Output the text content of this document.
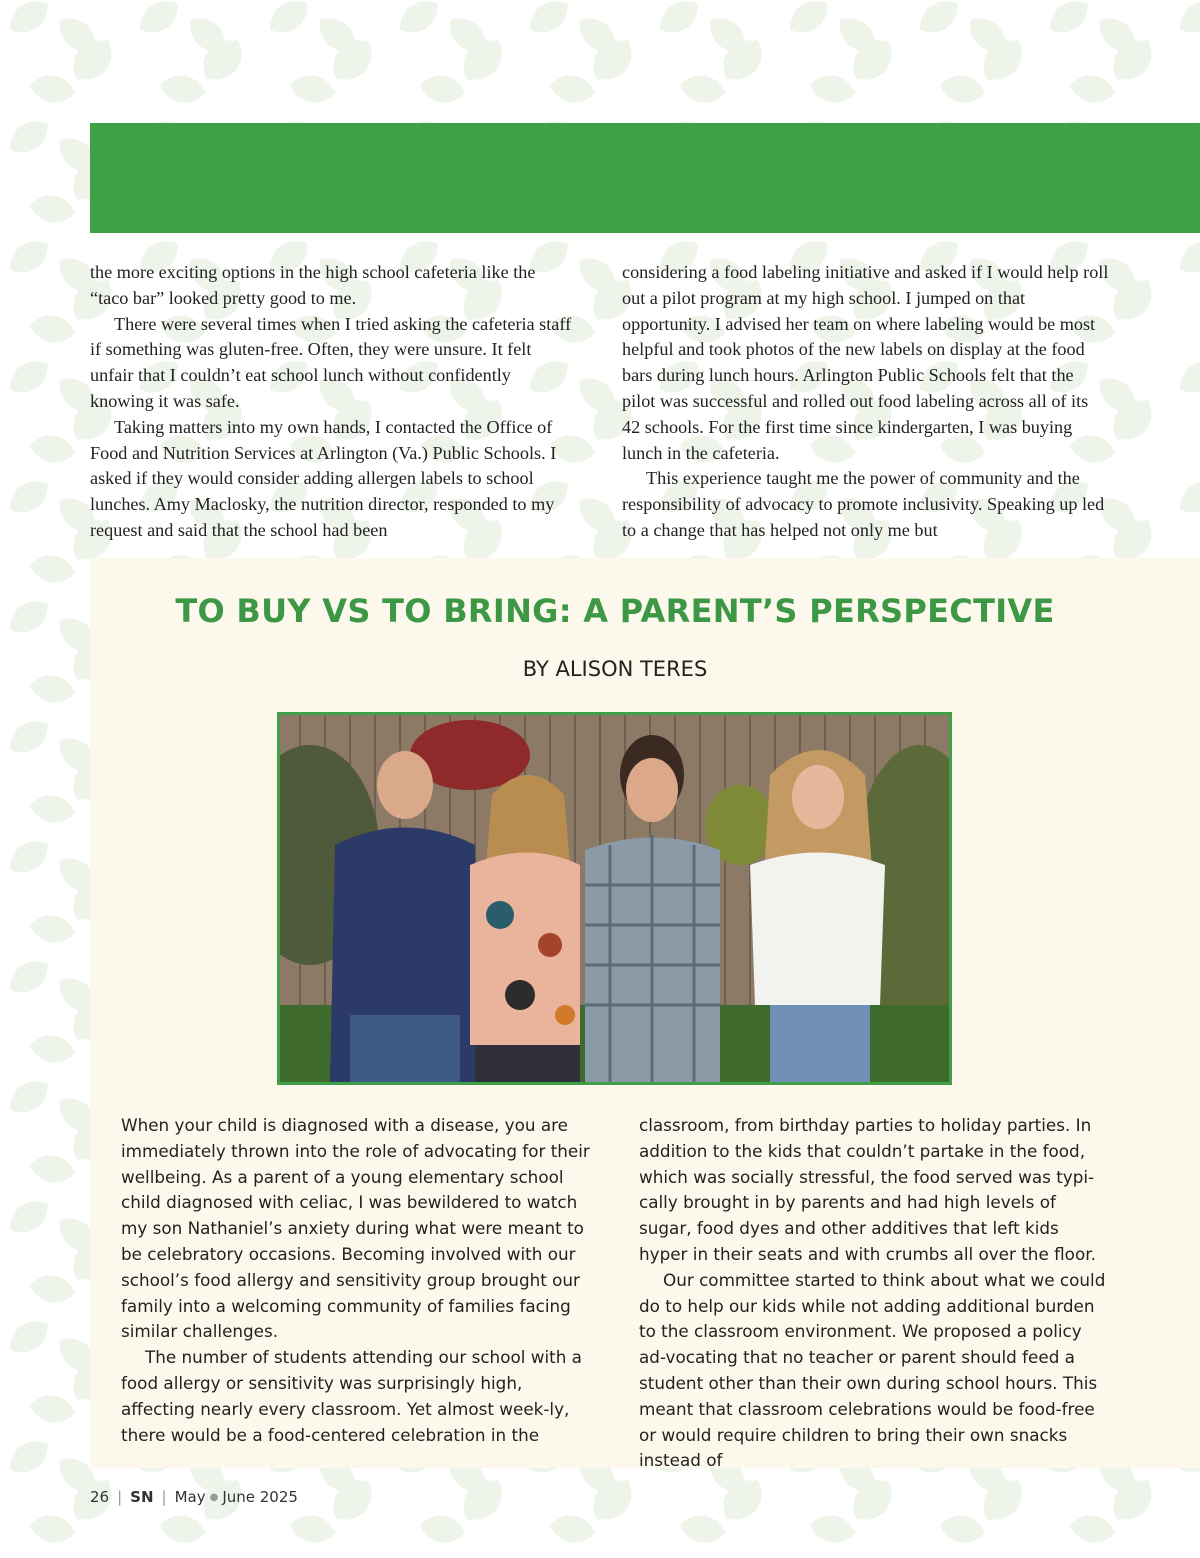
the more exciting options in the high school cafeteria like the “taco bar” looked pretty good to me.

There were several times when I tried asking the cafeteria staff if something was gluten-free. Often, they were unsure. It felt unfair that I couldn’t eat school lunch without confidently knowing it was safe.

Taking matters into my own hands, I contacted the Office of Food and Nutrition Services at Arlington (Va.) Public Schools. I asked if they would consider adding allergen labels to school lunches. Amy Maclosky, the nutrition director, responded to my request and said that the school had been

considering a food labeling initiative and asked if I would help roll out a pilot program at my high school. I jumped on that opportunity. I advised her team on where labeling would be most helpful and took photos of the new labels on display at the food bars during lunch hours. Arlington Public Schools felt that the pilot was successful and rolled out food labeling across all of its 42 schools. For the first time since kindergarten, I was buying lunch in the cafeteria.

This experience taught me the power of community and the responsibility of advocacy to promote inclusivity. Speaking up led to a change that has helped not only me but

TO BUY VS TO BRING: A PARENT’S PERSPECTIVE
BY ALISON TERES

When your child is diagnosed with a disease, you are immediately thrown into the role of advocating for their wellbeing. As a parent of a young elementary school child diagnosed with celiac, I was bewildered to watch my son Nathaniel’s anxiety during what were meant to be celebratory occasions. Becoming involved with our school’s food allergy and sensitivity group brought our family into a welcoming community of families facing similar challenges.

The number of students attending our school with a food allergy or sensitivity was surprisingly high, affecting nearly every classroom. Yet almost week-ly, there would be a food-centered celebration in the

classroom, from birthday parties to holiday parties. In addition to the kids that couldn’t partake in the food, which was socially stressful, the food served was typi-cally brought in by parents and had high levels of sugar, food dyes and other additives that left kids hyper in their seats and with crumbs all over the floor.

Our committee started to think about what we could do to help our kids while not adding additional burden to the classroom environment. We proposed a policy ad-vocating that no teacher or parent should feed a student other than their own during school hours. This meant that classroom celebrations would be food-free or would require children to bring their own snacks instead of

26 | SN | May ● June 2025
